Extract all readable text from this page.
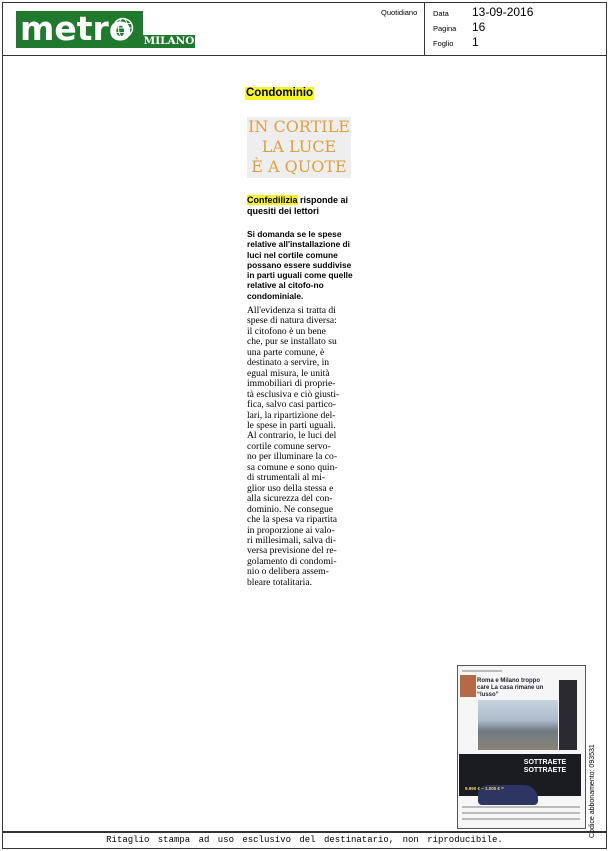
metro MILANO
Quotidiano Data 13-09-2016
Pagina 16
Foglio 1
Condominio
IN CORTILE
LA LUCE
È A QUOTE
Confedilizia risponde ai quesiti dei lettori
Si domanda se le spese relative all'installazione di luci nel cortile comune possano essere suddivise in parti uguali come quelle relative al citofo-no condominiale.
All'evidenza si tratta di
spese di natura diversa:
il citofono è un bene
che, pur se installato su
una parte comune, è
destinato a servire, in
egual misura, le unità
immobiliari di proprie-
tà esclusiva e ciò giusti-
fica, salvo casi partico-
lari, la ripartizione del-
le spese in parti uguali.
Al contrario, le luci del
cortile comune servo-
no per illuminare la co-
sa comune e sono quin-
di strumentali al mi-
glior uso della stessa e
alla sicurezza del con-
dominio. Ne consegue
che la spesa va ripartita
in proporzione ai valo-
ri millesimali, salva di-
versa previsione del re-
golamento di condomi-
nio o delibera assem-
bleare totalitaria.
Roma e Milano troppo care La casa rimane un “lusso”
SOTTRAETE SOTTRAETE
9.990 € – 1.000 € =	Codice abbonamento: 093531
Ritaglio stampa ad uso esclusivo del destinatario, non riproducibile.
